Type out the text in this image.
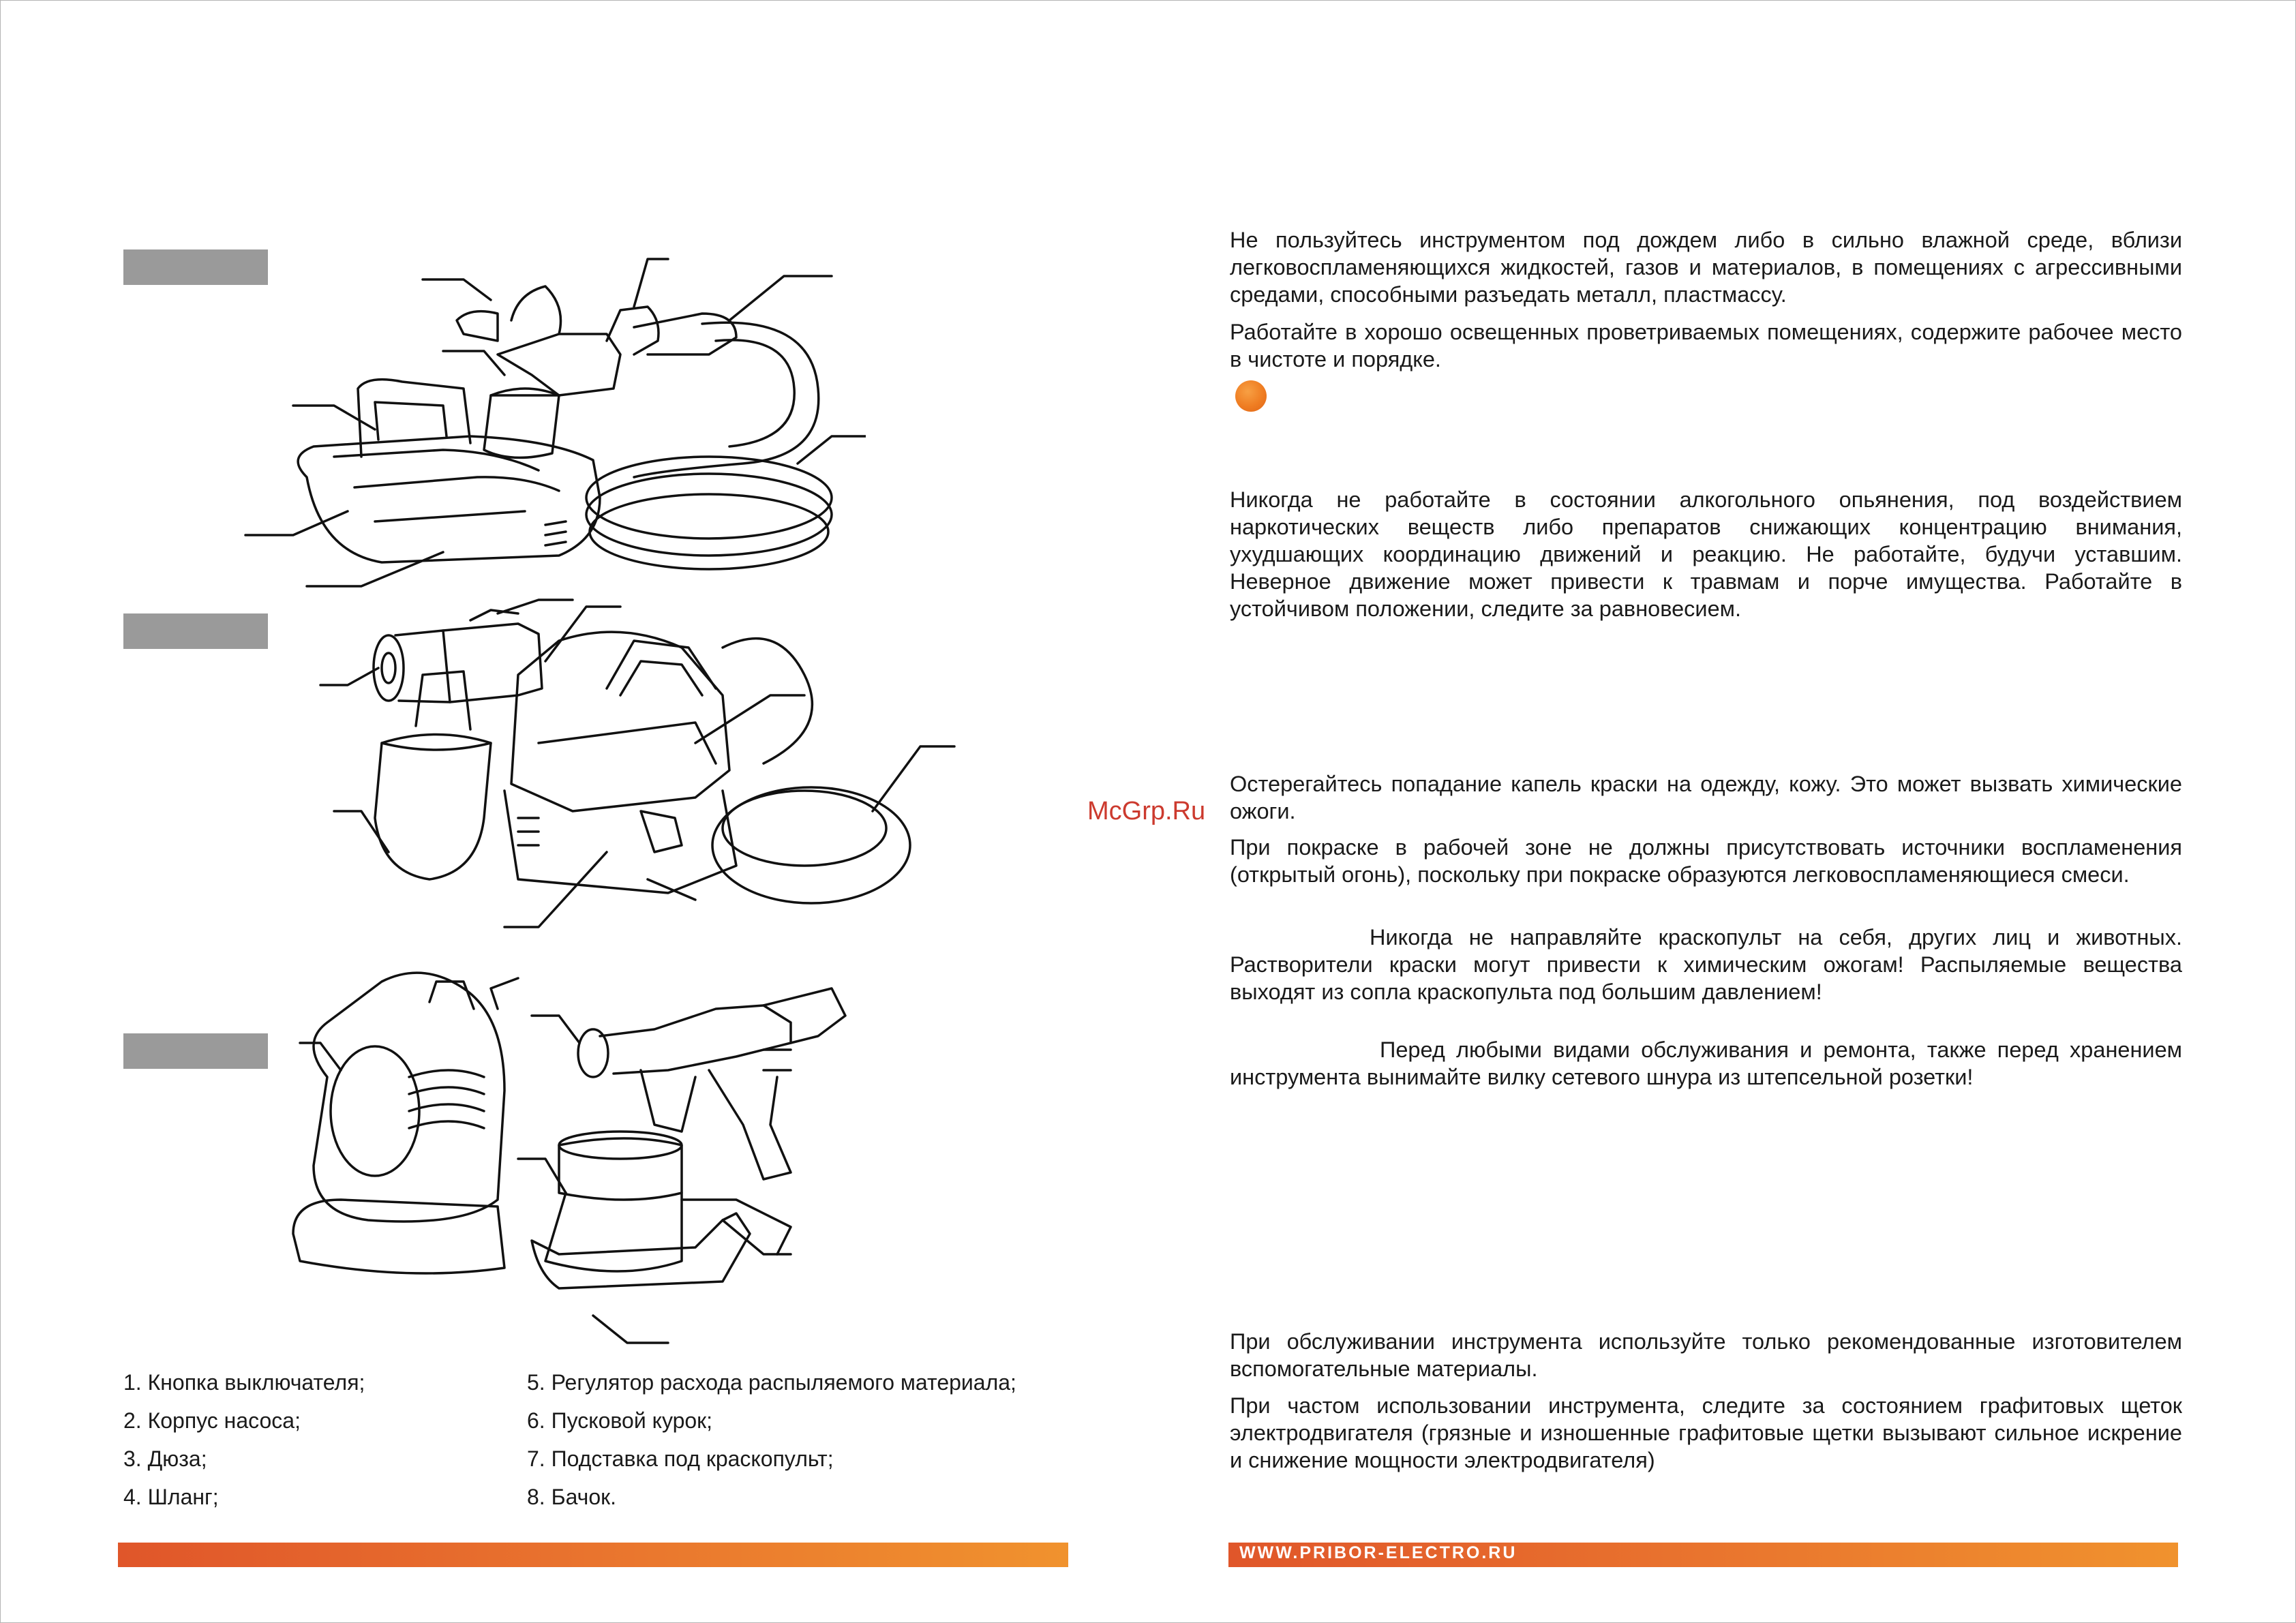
1. Кнопка выключателя;
2. Корпус насоса;
3. Дюза;
4. Шланг;
5. Регулятор расхода распыляемого материала;
6. Пусковой курок;
7. Подставка под краскопульт;
8. Бачок.
WWW.PRIBOR-ELECTRO.RU

Не пользуйтесь инструментом под дождем либо в сильно влажной среде, вблизи легковоспламеняющихся жидкостей, газов и материалов, в помещениях с агрессивными средами, способными разъедать металл, пластмассу.

Работайте в хорошо освещенных проветриваемых помещениях, содержите рабочее место в чистоте и порядке.

Никогда не работайте в состоянии алкогольного опьянения, под воздействием наркотических веществ либо препаратов снижающих концентрацию внимания, ухудшающих координацию движений и реакцию. Не работайте, будучи уставшим. Неверное движение может привести к травмам и порче имущества. Работайте в устойчивом положении, следите за равновесием.

Остерегайтесь попадание капель краски на одежду, кожу. Это может вызвать химические ожоги.

При покраске в рабочей зоне не должны присутствовать источники воспламенения (открытый огонь), поскольку при покраске образуются легковоспламеняющиеся смеси.

Никогда не направляйте краскопульт на себя, других лиц и животных. Растворители краски могут привести к химическим ожогам! Распыляемые вещества выходят из сопла краскопульта под большим давлением!

Перед любыми видами обслуживания и ремонта, также перед хранением инструмента вынимайте вилку сетевого шнура из штепсельной розетки!

При обслуживании инструмента используйте только рекомендованные изготовителем вспомогательные материалы.

При частом использовании инструмента, следите за состоянием графитовых щеток электродвигателя (грязные и изношенные графитовые щетки вызывают сильное искрение и снижение мощности электродвигателя)

McGrp.Ru
